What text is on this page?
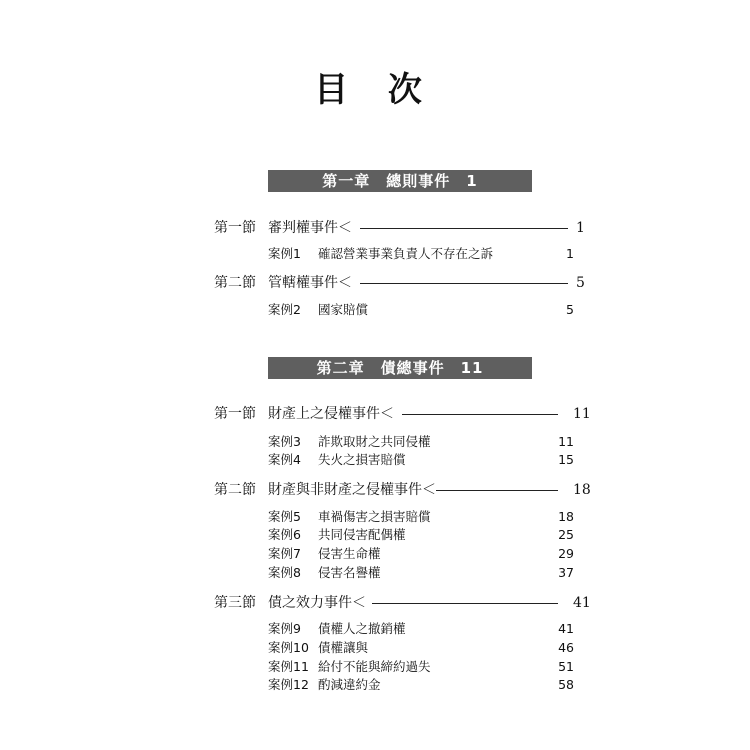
目 次
第一章　總則事件　1
第一節 審判權事件＜	1
案例1 確認營業事業負責人不存在之訴	1
第二節 管轄權事件＜	5
案例2 國家賠償	5
第二章　債總事件　11
第一節 財產上之侵權事件＜	11
案例3 詐欺取財之共同侵權	11
案例4 失火之損害賠償	15
第二節 財產與非財產之侵權事件＜	18
案例5 車禍傷害之損害賠償	18
案例6 共同侵害配偶權	25
案例7 侵害生命權	29
案例8 侵害名譽權	37
第三節 債之效力事件＜	41
案例9 債權人之撤銷權	41
案例10 債權讓與	46
案例11 給付不能與締約過失	51
案例12 酌減違約金	58
